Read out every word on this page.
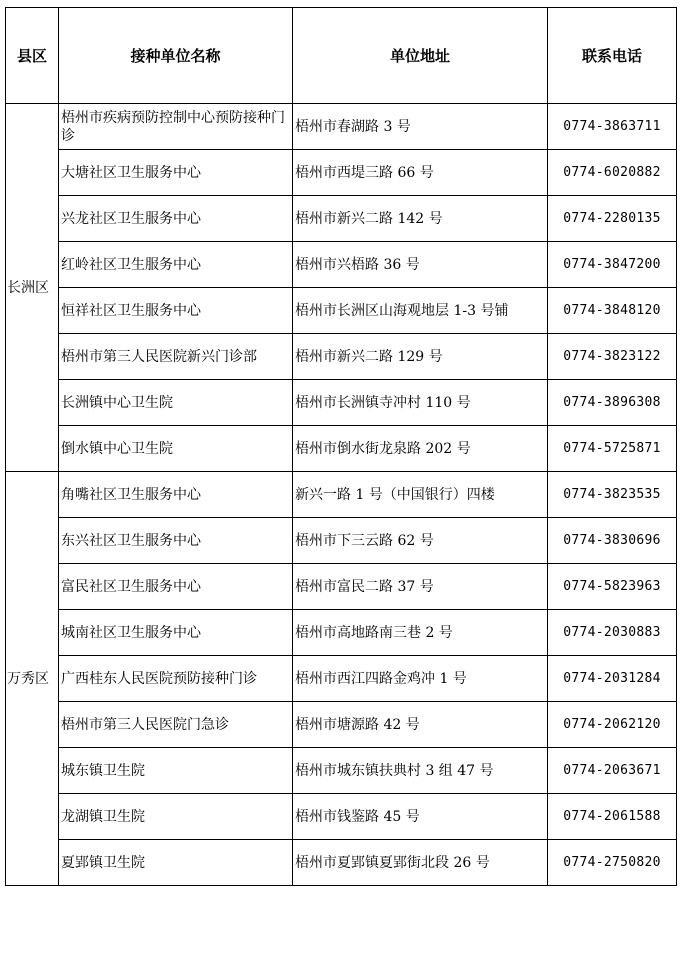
县区	接种单位名称	单位地址	联系电话
长洲区	梧州市疾病预防控制中心预防接种门诊	梧州市春湖路 3 号	0774-3863711
	大塘社区卫生服务中心	梧州市西堤三路 66 号	0774-6020882
	兴龙社区卫生服务中心	梧州市新兴二路 142 号	0774-2280135
	红岭社区卫生服务中心	梧州市兴梧路 36 号	0774-3847200
	恒祥社区卫生服务中心	梧州市长洲区山海观地层 1-3 号铺	0774-3848120
	梧州市第三人民医院新兴门诊部	梧州市新兴二路 129 号	0774-3823122
	长洲镇中心卫生院	梧州市长洲镇寺冲村 110 号	0774-3896308
	倒水镇中心卫生院	梧州市倒水街龙泉路 202 号	0774-5725871
万秀区	角嘴社区卫生服务中心	新兴一路 1 号（中国银行）四楼	0774-3823535
	东兴社区卫生服务中心	梧州市下三云路 62 号	0774-3830696
	富民社区卫生服务中心	梧州市富民二路 37 号	0774-5823963
	城南社区卫生服务中心	梧州市高地路南三巷 2 号	0774-2030883
	广西桂东人民医院预防接种门诊	梧州市西江四路金鸡冲 1 号	0774-2031284
	梧州市第三人民医院门急诊	梧州市塘源路 42 号	0774-2062120
	城东镇卫生院	梧州市城东镇扶典村 3 组 47 号	0774-2063671
	龙湖镇卫生院	梧州市钱鉴路 45 号	0774-2061588
	夏郢镇卫生院	梧州市夏郢镇夏郢街北段 26 号	0774-2750820
